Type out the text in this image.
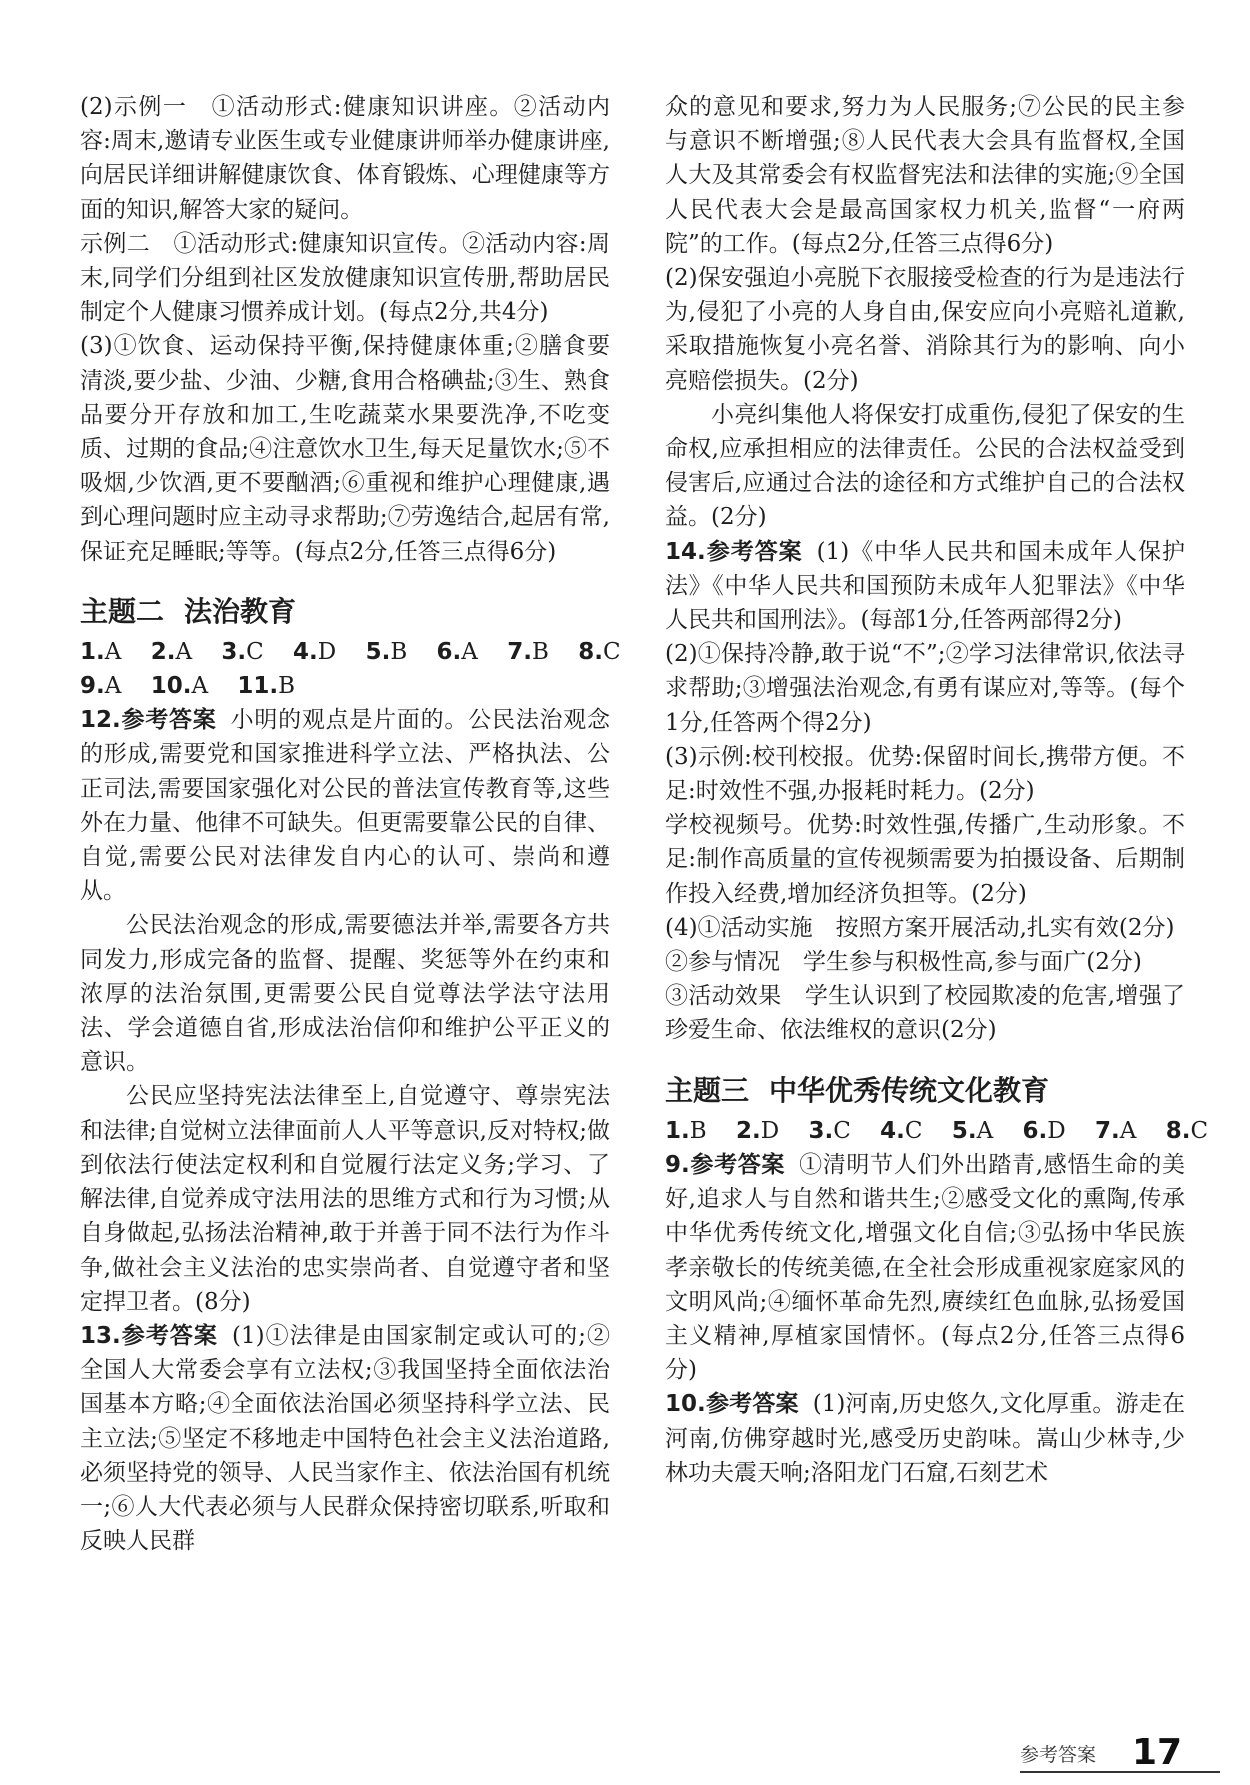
(2)示例一　①活动形式:健康知识讲座。②活动内容:周末,邀请专业医生或专业健康讲师举办健康讲座,向居民详细讲解健康饮食、体育锻炼、心理健康等方面的知识,解答大家的疑问。

示例二　①活动形式:健康知识宣传。②活动内容:周末,同学们分组到社区发放健康知识宣传册,帮助居民制定个人健康习惯养成计划。(每点2分,共4分)

(3)①饮食、运动保持平衡,保持健康体重;②膳食要清淡,要少盐、少油、少糖,食用合格碘盐;③生、熟食品要分开存放和加工,生吃蔬菜水果要洗净,不吃变质、过期的食品;④注意饮水卫生,每天足量饮水;⑤不吸烟,少饮酒,更不要酗酒;⑥重视和维护心理健康,遇到心理问题时应主动寻求帮助;⑦劳逸结合,起居有常,保证充足睡眠;等等。(每点2分,任答三点得6分)

主题二 法治教育

1.A 2.A 3.C 4.D 5.B 6.A 7.B 8.C

9.A 10.A 11.B

12.参考答案 小明的观点是片面的。公民法治观念的形成,需要党和国家推进科学立法、严格执法、公正司法,需要国家强化对公民的普法宣传教育等,这些外在力量、他律不可缺失。但更需要靠公民的自律、自觉,需要公民对法律发自内心的认可、崇尚和遵从。

公民法治观念的形成,需要德法并举,需要各方共同发力,形成完备的监督、提醒、奖惩等外在约束和浓厚的法治氛围,更需要公民自觉尊法学法守法用法、学会道德自省,形成法治信仰和维护公平正义的意识。

公民应坚持宪法法律至上,自觉遵守、尊崇宪法和法律;自觉树立法律面前人人平等意识,反对特权;做到依法行使法定权利和自觉履行法定义务;学习、了解法律,自觉养成守法用法的思维方式和行为习惯;从自身做起,弘扬法治精神,敢于并善于同不法行为作斗争,做社会主义法治的忠实崇尚者、自觉遵守者和坚定捍卫者。(8分)

13.参考答案 (1)①法律是由国家制定或认可的;②全国人大常委会享有立法权;③我国坚持全面依法治国基本方略;④全面依法治国必须坚持科学立法、民主立法;⑤坚定不移地走中国特色社会主义法治道路,必须坚持党的领导、人民当家作主、依法治国有机统一;⑥人大代表必须与人民群众保持密切联系,听取和反映人民群

众的意见和要求,努力为人民服务;⑦公民的民主参与意识不断增强;⑧人民代表大会具有监督权,全国人大及其常委会有权监督宪法和法律的实施;⑨全国人民代表大会是最高国家权力机关,监督“一府两院”的工作。(每点2分,任答三点得6分)

(2)保安强迫小亮脱下衣服接受检查的行为是违法行为,侵犯了小亮的人身自由,保安应向小亮赔礼道歉,采取措施恢复小亮名誉、消除其行为的影响、向小亮赔偿损失。(2分)

小亮纠集他人将保安打成重伤,侵犯了保安的生命权,应承担相应的法律责任。公民的合法权益受到侵害后,应通过合法的途径和方式维护自己的合法权益。(2分)

14.参考答案 (1)《中华人民共和国未成年人保护法》《中华人民共和国预防未成年人犯罪法》《中华人民共和国刑法》。(每部1分,任答两部得2分)

(2)①保持冷静,敢于说“不”;②学习法律常识,依法寻求帮助;③增强法治观念,有勇有谋应对,等等。(每个1分,任答两个得2分)

(3)示例:校刊校报。优势:保留时间长,携带方便。不足:时效性不强,办报耗时耗力。(2分)

学校视频号。优势:时效性强,传播广,生动形象。不足:制作高质量的宣传视频需要为拍摄设备、后期制作投入经费,增加经济负担等。(2分)

(4)①活动实施　按照方案开展活动,扎实有效(2分)

②参与情况　学生参与积极性高,参与面广(2分)

③活动效果　学生认识到了校园欺凌的危害,增强了珍爱生命、依法维权的意识(2分)

主题三 中华优秀传统文化教育

1.B 2.D 3.C 4.C 5.A 6.D 7.A 8.C

9.参考答案 ①清明节人们外出踏青,感悟生命的美好,追求人与自然和谐共生;②感受文化的熏陶,传承中华优秀传统文化,增强文化自信;③弘扬中华民族孝亲敬长的传统美德,在全社会形成重视家庭家风的文明风尚;④缅怀革命先烈,赓续红色血脉,弘扬爱国主义精神,厚植家国情怀。(每点2分,任答三点得6分)

10.参考答案 (1)河南,历史悠久,文化厚重。游走在河南,仿佛穿越时光,感受历史韵味。嵩山少林寺,少林功夫震天响;洛阳龙门石窟,石刻艺术

参考答案 17
